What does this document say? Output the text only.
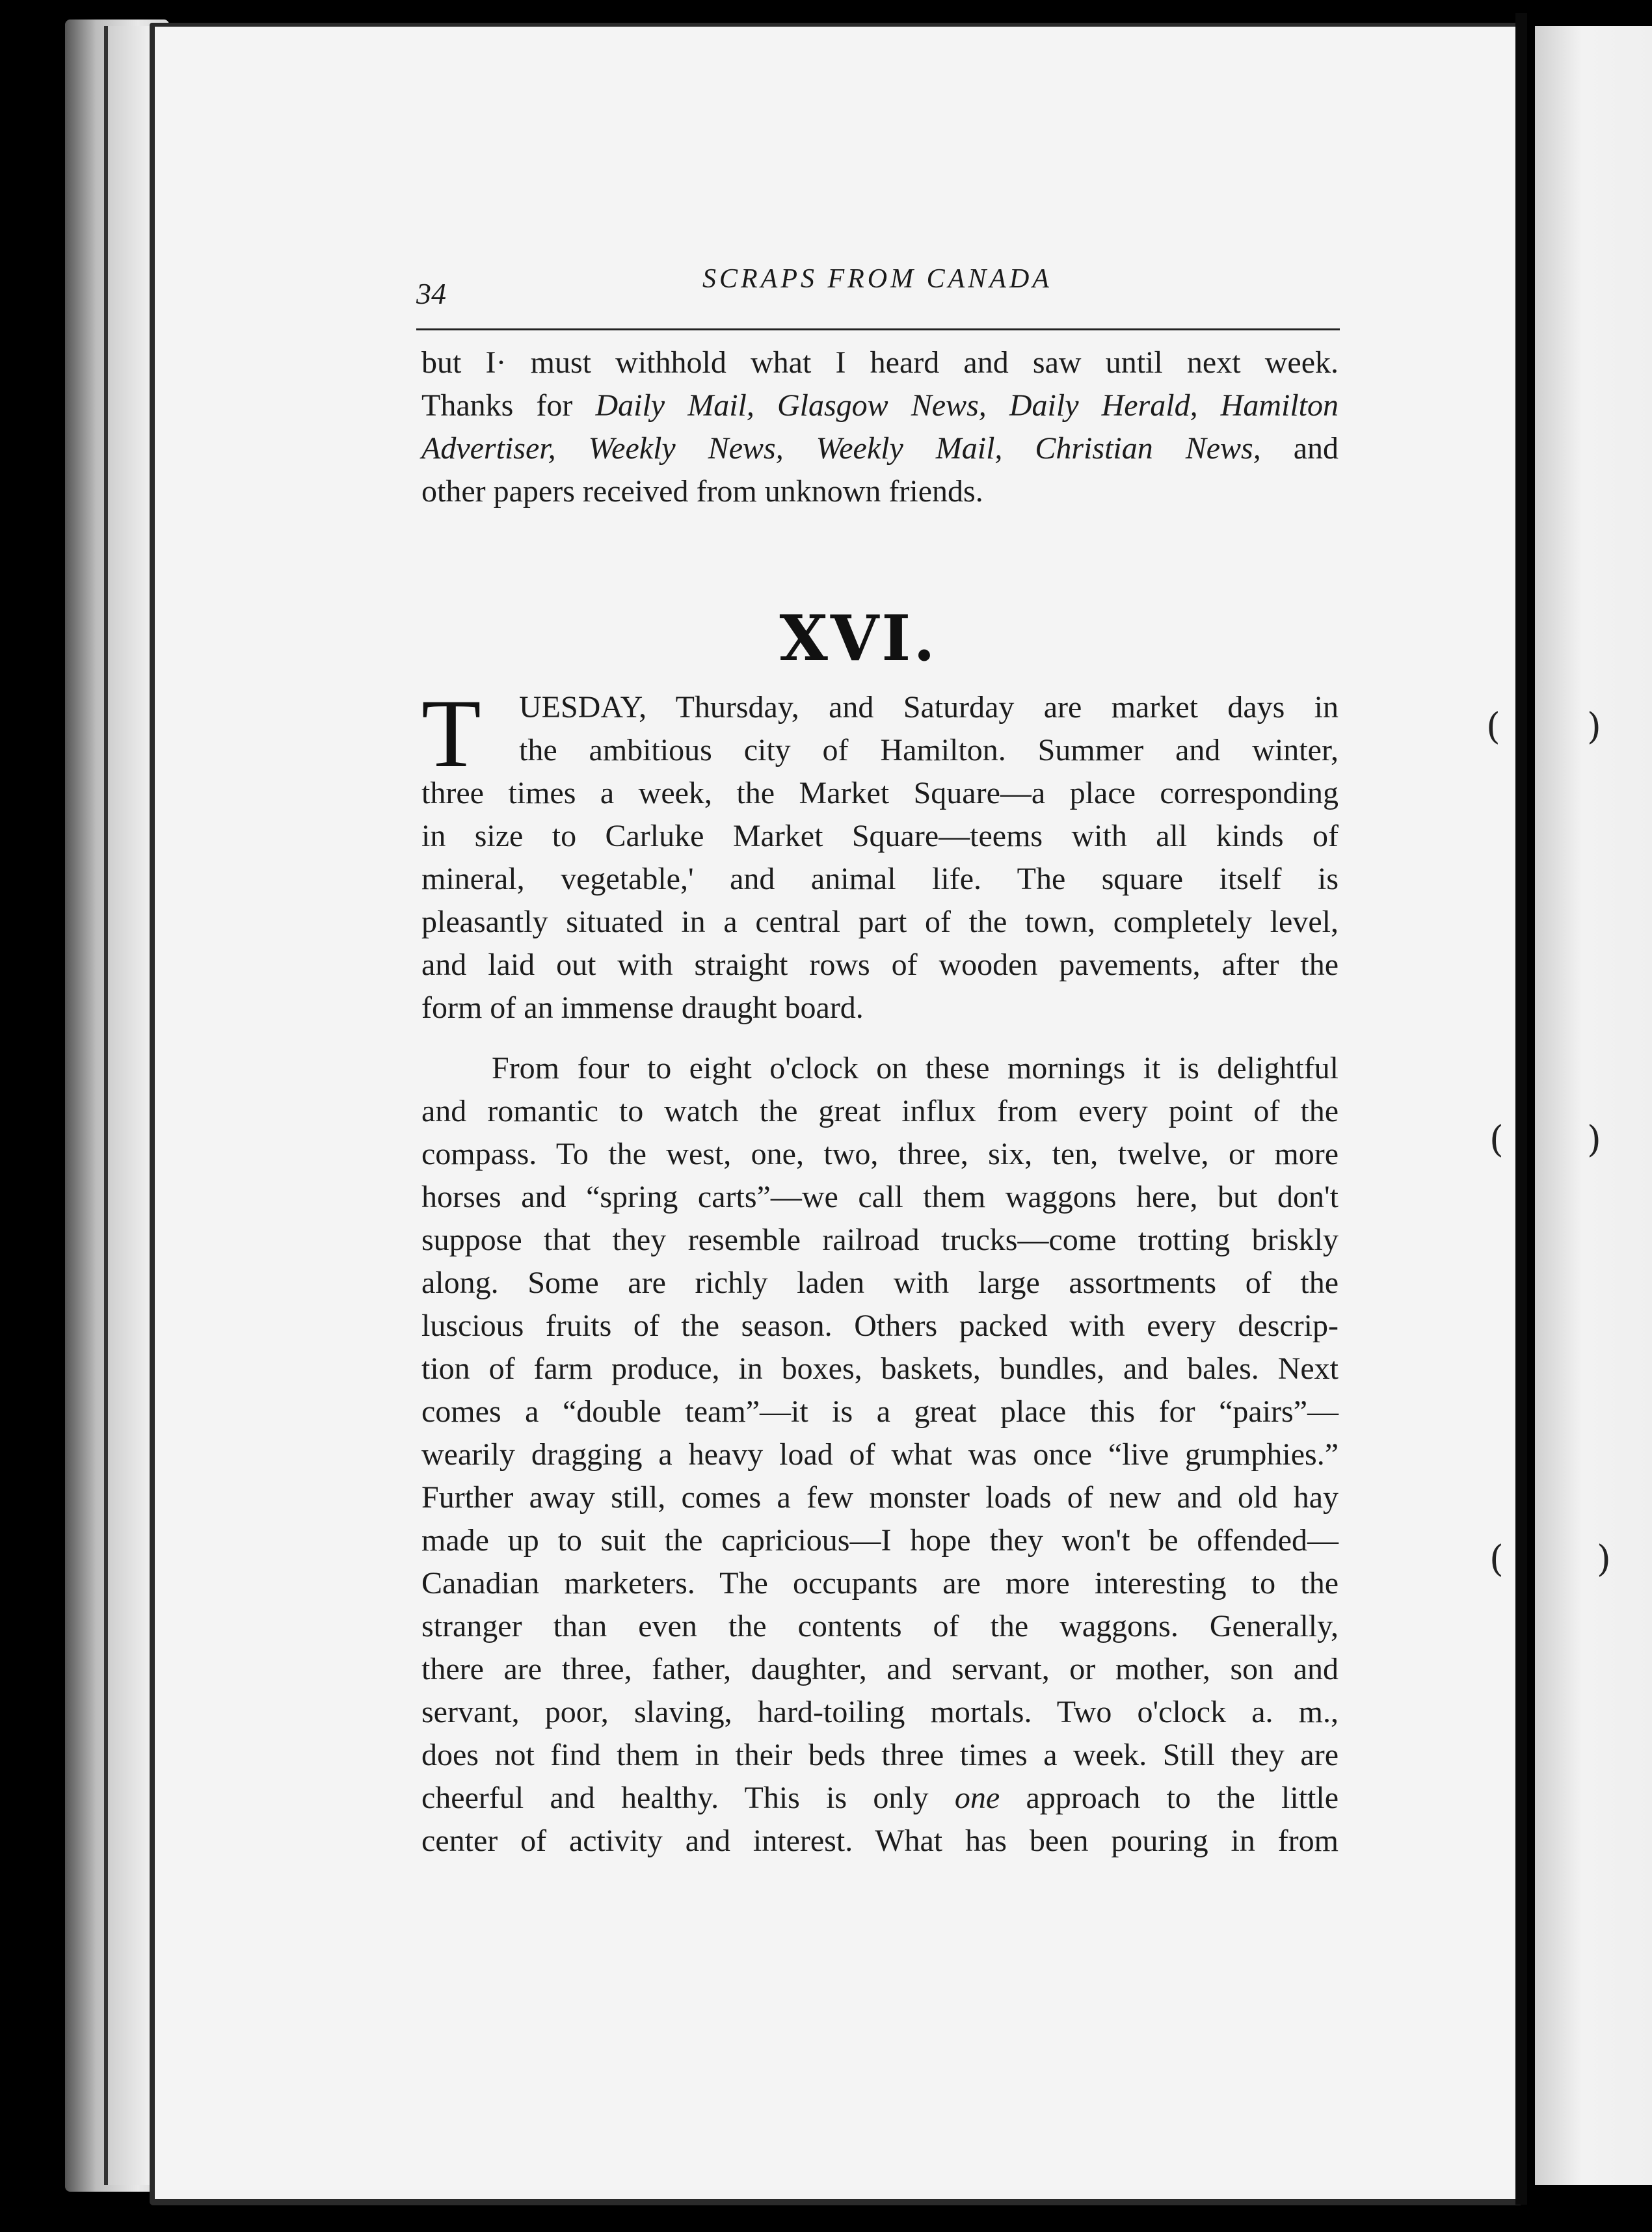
( )
( )
(	)
34	SCRAPS FROM CANADA
but I· must withhold what I heard and saw until next week.
Thanks for Daily Mail, Glasgow News, Daily Herald, Hamilton
Advertiser, Weekly News, Weekly Mail, Christian News, and
other papers received from unknown friends.
XVI.
T	UESDAY, Thursday, and Saturday are market days in
the ambitious city of Hamilton. Summer and winter,
three times a week, the Market Square—a place corresponding
in size to Carluke Market Square—teems with all kinds of
mineral, vegetable,' and animal life. The square itself is
pleasantly situated in a central part of the town, completely level,
and laid out with straight rows of wooden pavements, after the
form of an immense draught board.
From four to eight o'clock on these mornings it is delightful
and romantic to watch the great influx from every point of the
compass. To the west, one, two, three, six, ten, twelve, or more
horses and “spring carts”—we call them waggons here, but don't
suppose that they resemble railroad trucks—come trotting briskly
along. Some are richly laden with large assortments of the
luscious fruits of the season. Others packed with every descrip-
tion of farm produce, in boxes, baskets, bundles, and bales. Next
comes a “double team”—it is a great place this for “pairs”—
wearily dragging a heavy load of what was once “live grumphies.”
Further away still, comes a few monster loads of new and old hay
made up to suit the capricious—I hope they won't be offended—
Canadian marketers. The occupants are more interesting to the
stranger than even the contents of the waggons. Generally,
there are three, father, daughter, and servant, or mother, son and
servant, poor, slaving, hard-toiling mortals. Two o'clock a. m.,
does not find them in their beds three times a week. Still they are
cheerful and healthy. This is only one approach to the little
center of activity and interest. What has been pouring in from
